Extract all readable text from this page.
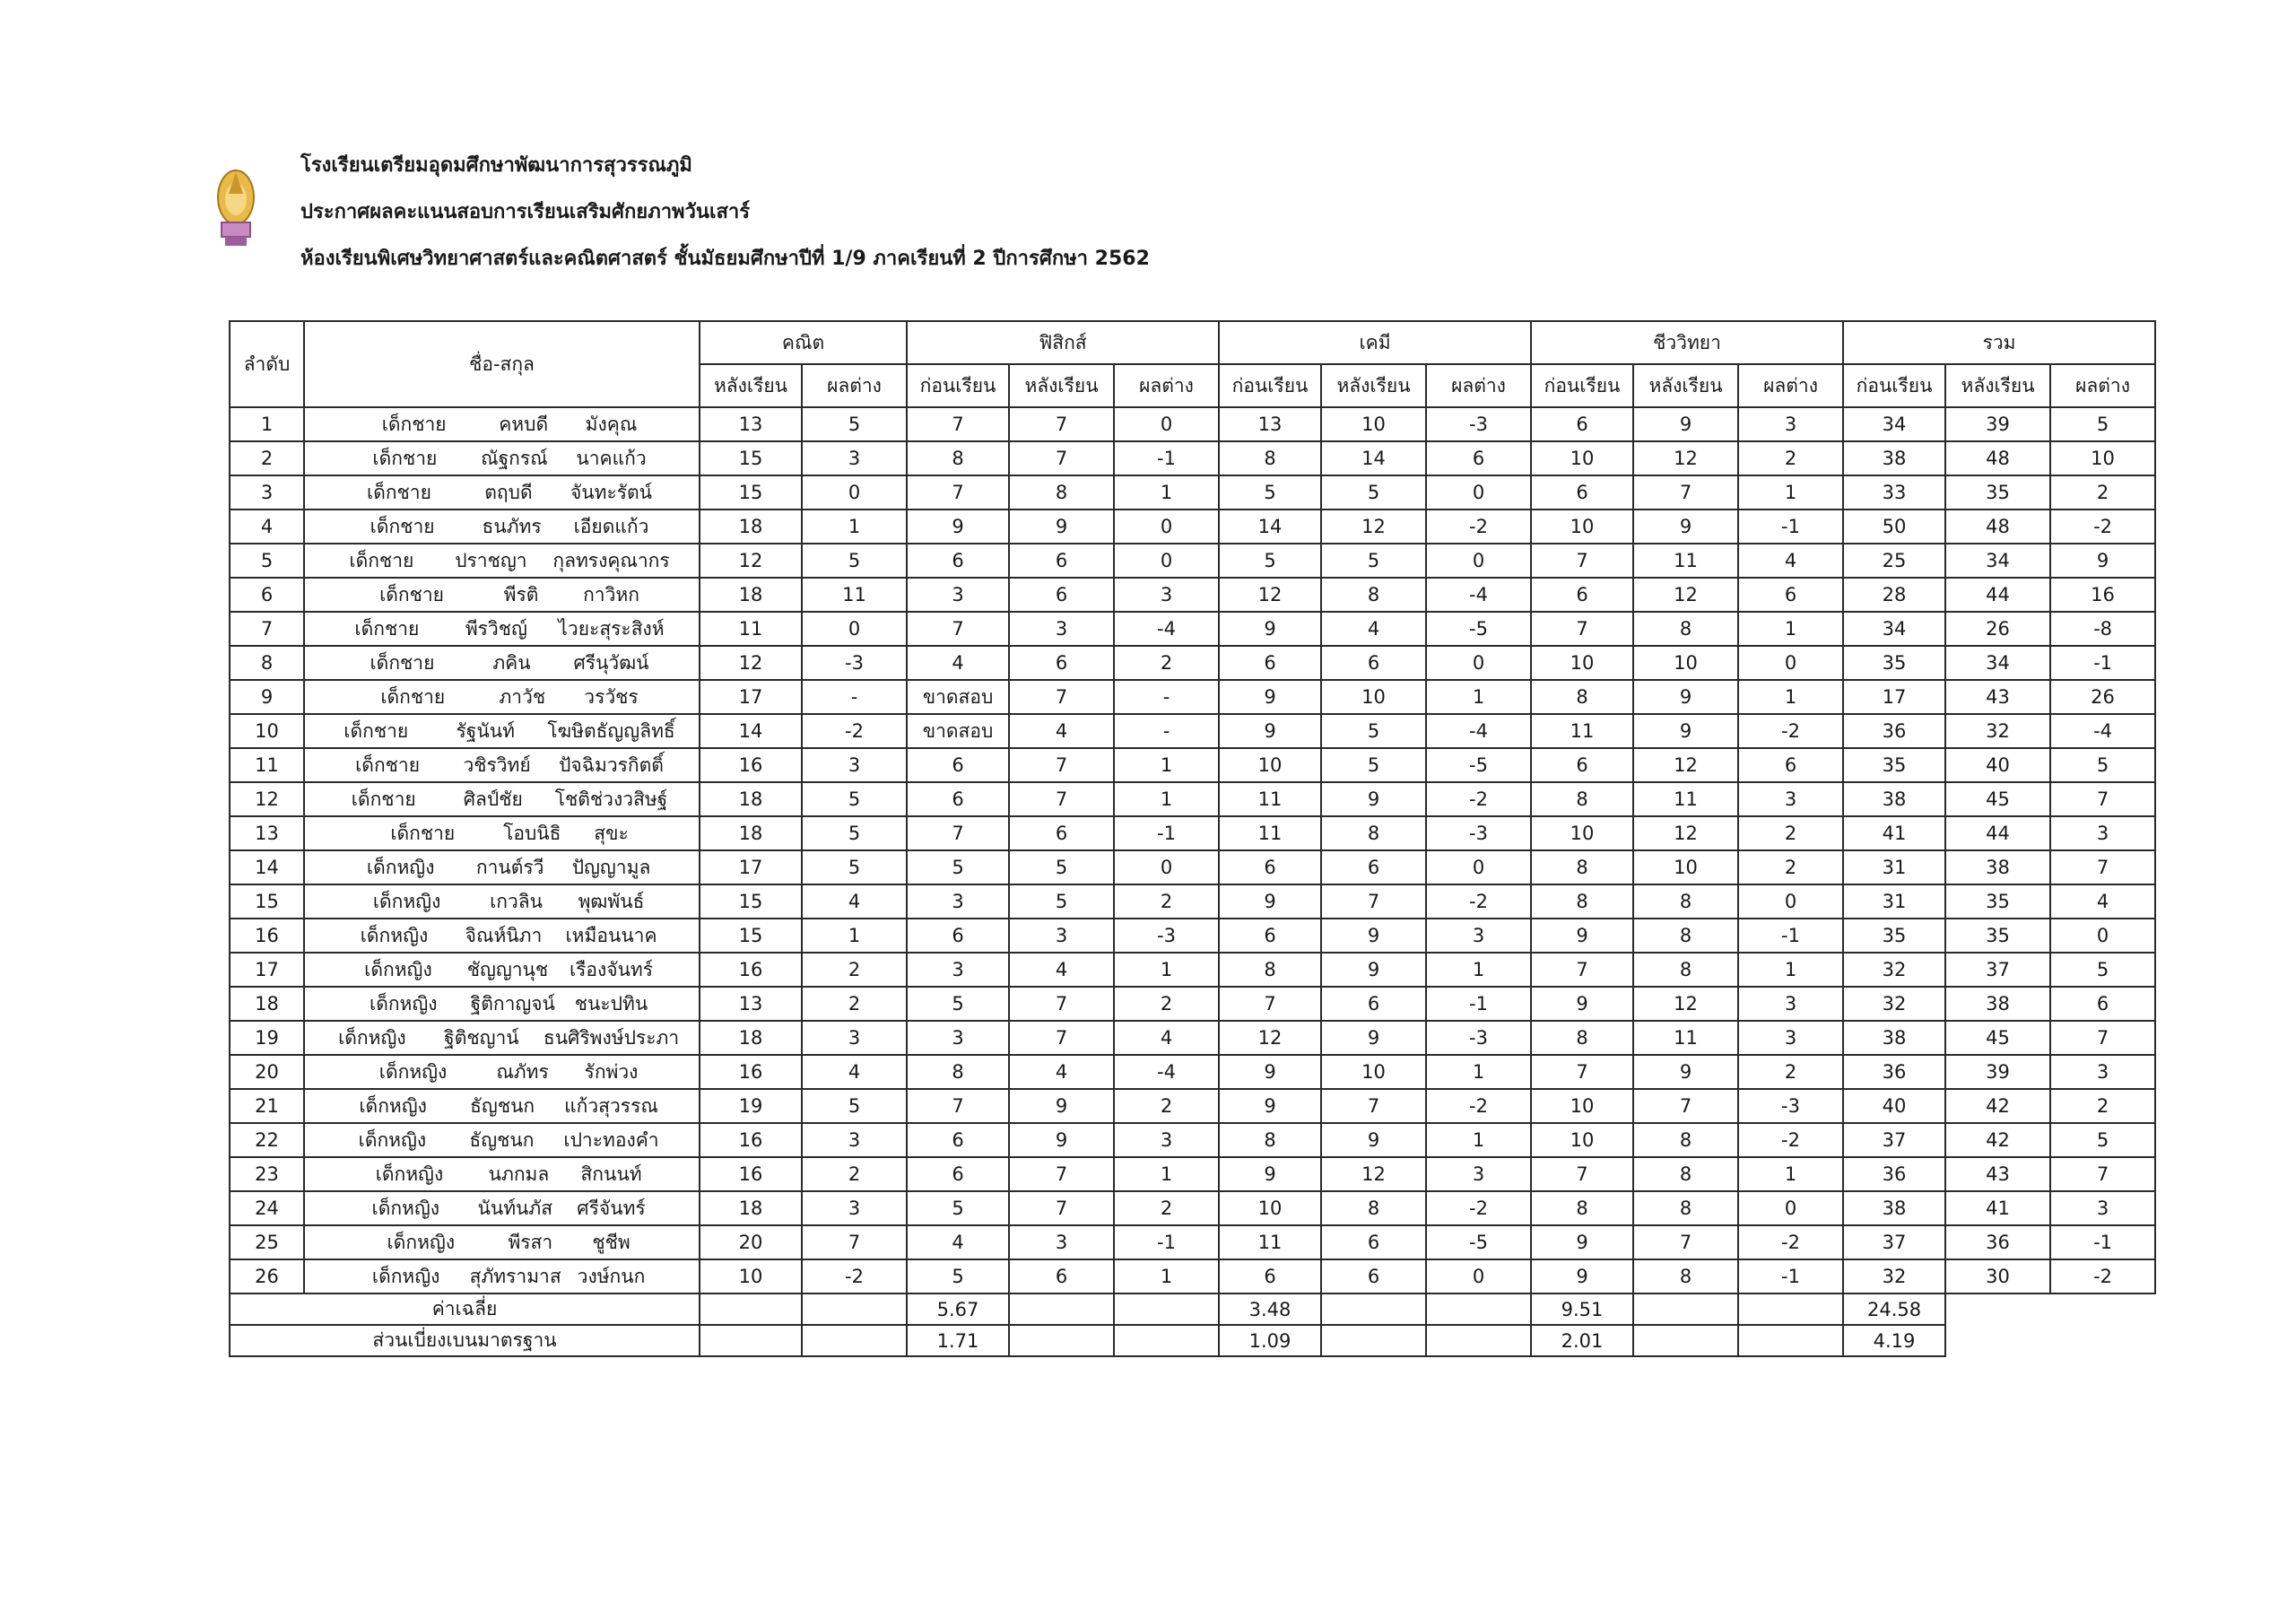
โรงเรียนเตรียมอุดมศึกษาพัฒนาการสุวรรณภูมิ
ประกาศผลคะแนนสอบการเรียนเสริมศักยภาพวันเสาร์
ห้องเรียนพิเศษวิทยาศาสตร์และคณิตศาสตร์ ชั้นมัธยมศึกษาปีที่ 1/9 ภาคเรียนที่ 2 ปีการศึกษา 2562
ลำดับ	ชื่อ-สกุล	คณิต		ฟิสิกส์			เคมี			ชีววิทยา			รวม		
		หลังเรียน	ผลต่าง	ก่อนเรียน	หลังเรียน	ผลต่าง	ก่อนเรียน	หลังเรียน	ผลต่าง	ก่อนเรียน	หลังเรียน	ผลต่าง	ก่อนเรียน	หลังเรียน	ผลต่าง
1	เด็กชาย คหบดี มังคุณ	13	5	7	7	0	13	10	-3	6	9	3	34	39	5
2	เด็กชาย ณัฐกรณ์ นาคแก้ว	15	3	8	7	-1	8	14	6	10	12	2	38	48	10
3	เด็กชาย ตฤบดี จันทะรัตน์	15	0	7	8	1	5	5	0	6	7	1	33	35	2
4	เด็กชาย ธนภัทร เอียดแก้ว	18	1	9	9	0	14	12	-2	10	9	-1	50	48	-2
5	เด็กชาย ปราชญา กุลทรงคุณากร	12	5	6	6	0	5	5	0	7	11	4	25	34	9
6	เด็กชาย พีรติ กาวิหก	18	11	3	6	3	12	8	-4	6	12	6	28	44	16
7	เด็กชาย พีรวิชญ์ ไวยะสุระสิงห์	11	0	7	3	-4	9	4	-5	7	8	1	34	26	-8
8	เด็กชาย ภคิน ศรีนุวัฒน์	12	-3	4	6	2	6	6	0	10	10	0	35	34	-1
9	เด็กชาย ภาวัช วรวัชร	17	-	ขาดสอบ	7	-	9	10	1	8	9	1	17	43	26
10	เด็กชาย รัฐนันท์ โฆษิตธัญญลิทธิ์	14	-2	ขาดสอบ	4	-	9	5	-4	11	9	-2	36	32	-4
11	เด็กชาย วชิรวิทย์ ปัจฉิมวรกิตติ์	16	3	6	7	1	10	5	-5	6	12	6	35	40	5
12	เด็กชาย ศิลป์ชัย โชติช่วงวสิษฐ์	18	5	6	7	1	11	9	-2	8	11	3	38	45	7
13	เด็กชาย โอบนิธิ สุขะ	18	5	7	6	-1	11	8	-3	10	12	2	41	44	3
14	เด็กหญิง กานต์รวี ปัญญามูล	17	5	5	5	0	6	6	0	8	10	2	31	38	7
15	เด็กหญิง เกวลิน พุฒพันธ์	15	4	3	5	2	9	7	-2	8	8	0	31	35	4
16	เด็กหญิง จิณห์นิภา เหมือนนาค	15	1	6	3	-3	6	9	3	9	8	-1	35	35	0
17	เด็กหญิง ชัญญานุช เรืองจันทร์	16	2	3	4	1	8	9	1	7	8	1	32	37	5
18	เด็กหญิง ฐิติกาญจน์ ชนะปทิน	13	2	5	7	2	7	6	-1	9	12	3	32	38	6
19	เด็กหญิง ฐิติชญาน์ ธนศิริพงษ์ประภา	18	3	3	7	4	12	9	-3	8	11	3	38	45	7
20	เด็กหญิง ณภัทร รักพ่วง	16	4	8	4	-4	9	10	1	7	9	2	36	39	3
21	เด็กหญิง ธัญชนก แก้วสุวรรณ	19	5	7	9	2	9	7	-2	10	7	-3	40	42	2
22	เด็กหญิง ธัญชนก เปาะทองคำ	16	3	6	9	3	8	9	1	10	8	-2	37	42	5
23	เด็กหญิง นภกมล สิกนนท์	16	2	6	7	1	9	12	3	7	8	1	36	43	7
24	เด็กหญิง นันท์นภัส ศรีจันทร์	18	3	5	7	2	10	8	-2	8	8	0	38	41	3
25	เด็กหญิง พีรสา ชูชีพ	20	7	4	3	-1	11	6	-5	9	7	-2	37	36	-1
26	เด็กหญิง สุภัทรามาส วงษ์กนก	10	-2	5	6	1	6	6	0	9	8	-1	32	30	-2
ค่าเฉลี่ย				5.67			3.48			9.51			24.58		
ส่วนเบี่ยงเบนมาตรฐาน				1.71			1.09			2.01			4.19		
